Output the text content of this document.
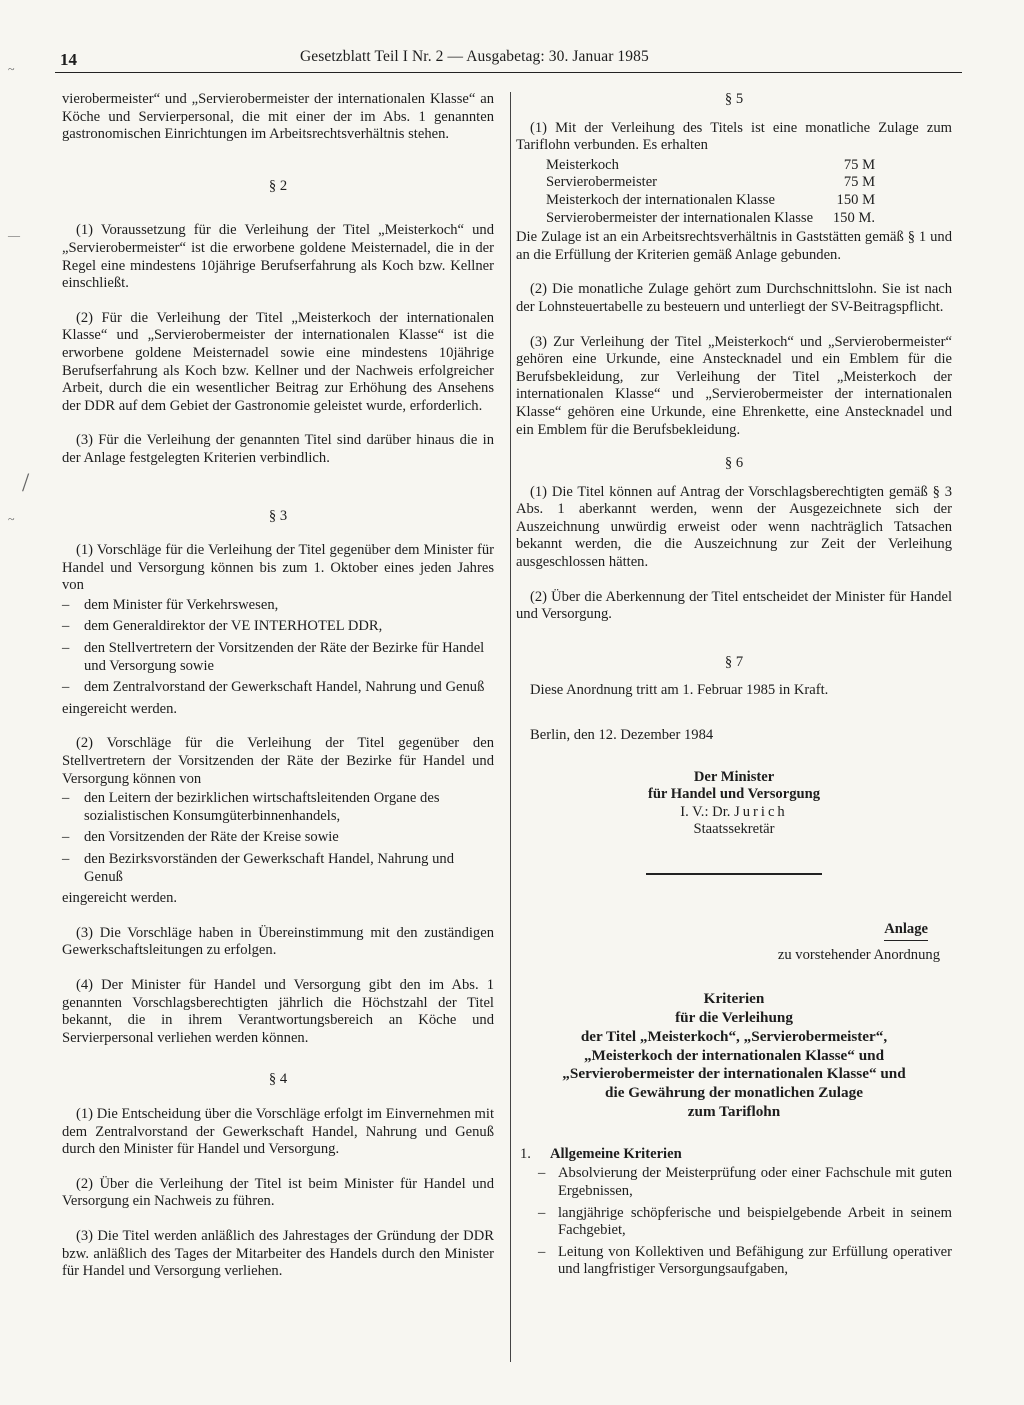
14	Gesetzblatt Teil I Nr. 2 — Ausgabetag: 30. Januar 1985
~
—
/
~

vierobermeister“ und „Servierobermeister der internationalen Klasse“ an Köche und Servierpersonal, die mit einer der im Abs. 1 genannten gastronomischen Einrichtungen im Arbeitsrechtsverhältnis stehen.

§ 2

(1) Voraussetzung für die Verleihung der Titel „Meisterkoch“ und „Servierobermeister“ ist die erworbene goldene Meisternadel, die in der Regel eine mindestens 10jährige Berufserfahrung als Koch bzw. Kellner einschließt.

(2) Für die Verleihung der Titel „Meisterkoch der internationalen Klasse“ und „Servierobermeister der internationalen Klasse“ ist die erworbene goldene Meisternadel sowie eine mindestens 10jährige Berufserfahrung als Koch bzw. Kellner und der Nachweis erfolgreicher Arbeit, durch die ein wesentlicher Beitrag zur Erhöhung des Ansehens der DDR auf dem Gebiet der Gastronomie geleistet wurde, erforderlich.

(3) Für die Verleihung der genannten Titel sind darüber hinaus die in der Anlage festgelegten Kriterien verbindlich.

§ 3

(1) Vorschläge für die Verleihung der Titel gegenüber dem Minister für Handel und Versorgung können bis zum 1. Oktober eines jeden Jahres von

– dem Minister für Verkehrswesen,
– dem Generaldirektor der VE INTERHOTEL DDR,
– den Stellvertretern der Vorsitzenden der Räte der Bezirke für Handel und Versorgung sowie
– dem Zentralvorstand der Gewerkschaft Handel, Nahrung und Genuß

eingereicht werden.

(2) Vorschläge für die Verleihung der Titel gegenüber den Stellvertretern der Vorsitzenden der Räte der Bezirke für Handel und Versorgung können von

– den Leitern der bezirklichen wirtschaftsleitenden Organe des sozialistischen Konsumgüterbinnenhandels,
– den Vorsitzenden der Räte der Kreise sowie
– den Bezirksvorständen der Gewerkschaft Handel, Nahrung und Genuß

eingereicht werden.

(3) Die Vorschläge haben in Übereinstimmung mit den zuständigen Gewerkschaftsleitungen zu erfolgen.

(4) Der Minister für Handel und Versorgung gibt den im Abs. 1 genannten Vorschlagsberechtigten jährlich die Höchstzahl der Titel bekannt, die in ihrem Verantwortungsbereich an Köche und Servierpersonal verliehen werden können.

§ 4

(1) Die Entscheidung über die Vorschläge erfolgt im Einvernehmen mit dem Zentralvorstand der Gewerkschaft Handel, Nahrung und Genuß durch den Minister für Handel und Versorgung.

(2) Über die Verleihung der Titel ist beim Minister für Handel und Versorgung ein Nachweis zu führen.

(3) Die Titel werden anläßlich des Jahrestages der Gründung der DDR bzw. anläßlich des Tages der Mitarbeiter des Handels durch den Minister für Handel und Versorgung verliehen.

§ 5

(1) Mit der Verleihung des Titels ist eine monatliche Zulage zum Tariflohn verbunden. Es erhalten

Meisterkoch	75 M
Servierobermeister	75 M
Meisterkoch der internationalen Klasse	150 M
Servierobermeister der internationalen Klasse	150 M.

Die Zulage ist an ein Arbeitsrechtsverhältnis in Gaststätten gemäß § 1 und an die Erfüllung der Kriterien gemäß Anlage gebunden.

(2) Die monatliche Zulage gehört zum Durchschnittslohn. Sie ist nach der Lohnsteuertabelle zu besteuern und unterliegt der SV-Beitragspflicht.

(3) Zur Verleihung der Titel „Meisterkoch“ und „Servierobermeister“ gehören eine Urkunde, eine Anstecknadel und ein Emblem für die Berufsbekleidung, zur Verleihung der Titel „Meisterkoch der internationalen Klasse“ und „Servierobermeister der internationalen Klasse“ gehören eine Urkunde, eine Ehrenkette, eine Anstecknadel und ein Emblem für die Berufsbekleidung.

§ 6

(1) Die Titel können auf Antrag der Vorschlagsberechtigten gemäß § 3 Abs. 1 aberkannt werden, wenn der Ausgezeichnete sich der Auszeichnung unwürdig erweist oder wenn nachträglich Tatsachen bekannt werden, die die Auszeichnung zur Zeit der Verleihung ausgeschlossen hätten.

(2) Über die Aberkennung der Titel entscheidet der Minister für Handel und Versorgung.

§ 7

Diese Anordnung tritt am 1. Februar 1985 in Kraft.

Berlin, den 12. Dezember 1984

Der Minister
für Handel und Versorgung
I. V.: Dr. Jurich
Staatssekretär
Anlage
zu vorstehender Anordnung
Kriterien
für die Verleihung
der Titel „Meisterkoch“, „Servierobermeister“,
„Meisterkoch der internationalen Klasse“ und
„Servierobermeister der internationalen Klasse“ und
die Gewährung der monatlichen Zulage
zum Tariflohn
1. Allgemeine Kriterien
– Absolvierung der Meisterprüfung oder einer Fachschule mit guten Ergebnissen,
– langjährige schöpferische und beispielgebende Arbeit in seinem Fachgebiet,
– Leitung von Kollektiven und Befähigung zur Erfüllung operativer und langfristiger Versorgungsaufgaben,
